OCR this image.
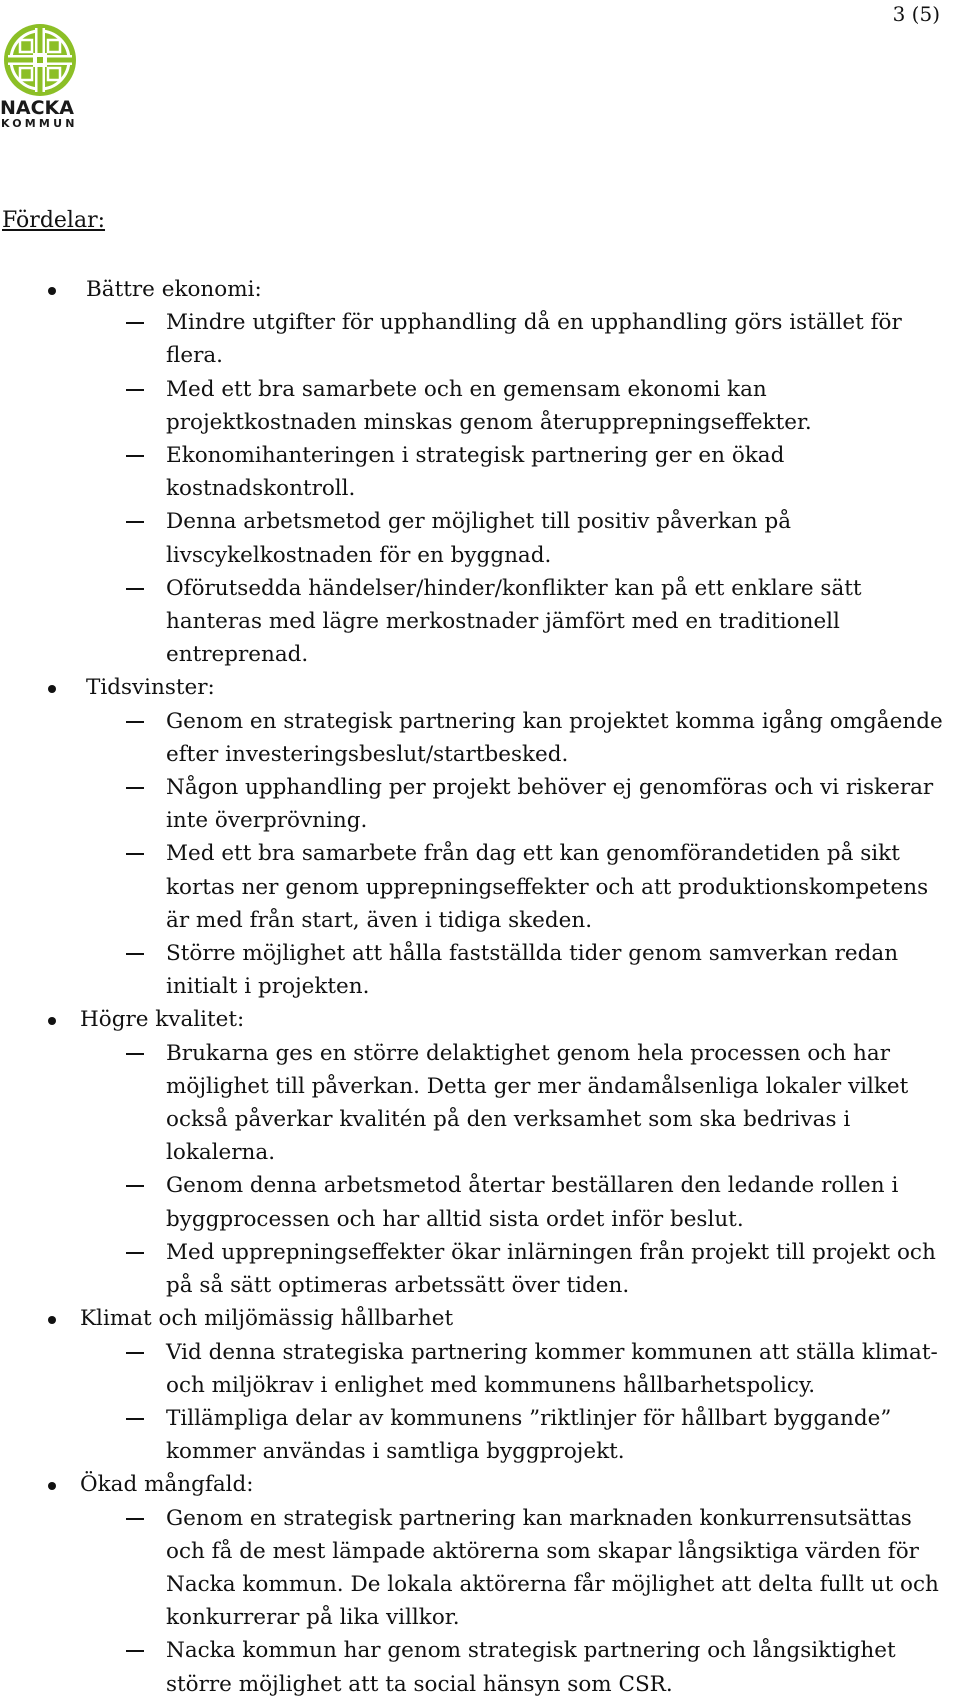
3 (5)
NACKA
KOMMUN
Fördelar:
Bättre ekonomi:
Mindre utgifter för upphandling då en upphandling görs istället för flera.
Med ett bra samarbete och en gemensam ekonomi kan projektkostnaden minskas genom återupprepningseffekter.
Ekonomihanteringen i strategisk partnering ger en ökad kostnadskontroll.
Denna arbetsmetod ger möjlighet till positiv påverkan på livscykelkostnaden för en byggnad.
Oförutsedda händelser/hinder/konflikter kan på ett enklare sätt hanteras med lägre merkostnader jämfört med en traditionell entreprenad.
Tidsvinster:
Genom en strategisk partnering kan projektet komma igång omgående efter investeringsbeslut/startbesked.
Någon upphandling per projekt behöver ej genomföras och vi riskerar inte överprövning.
Med ett bra samarbete från dag ett kan genomförandetiden på sikt kortas ner genom upprepningseffekter och att produktionskompetens är med från start, även i tidiga skeden.
Större möjlighet att hålla fastställda tider genom samverkan redan initialt i projekten.
Högre kvalitet:
Brukarna ges en större delaktighet genom hela processen och har möjlighet till påverkan. Detta ger mer ändamålsenliga lokaler vilket också påverkar kvalitén på den verksamhet som ska bedrivas i lokalerna.
Genom denna arbetsmetod återtar beställaren den ledande rollen i byggprocessen och har alltid sista ordet inför beslut.
Med upprepningseffekter ökar inlärningen från projekt till projekt och på så sätt optimeras arbetssätt över tiden.
Klimat och miljömässig hållbarhet
Vid denna strategiska partnering kommer kommunen att ställa klimat- och miljökrav i enlighet med kommunens hållbarhetspolicy.
Tillämpliga delar av kommunens ”riktlinjer för hållbart byggande” kommer användas i samtliga byggprojekt.
Ökad mångfald:
Genom en strategisk partnering kan marknaden konkurrensutsättas och få de mest lämpade aktörerna som skapar långsiktiga värden för Nacka kommun. De lokala aktörerna får möjlighet att delta fullt ut och konkurrerar på lika villkor.
Nacka kommun har genom strategisk partnering och långsiktighet större möjlighet att ta social hänsyn som CSR.
